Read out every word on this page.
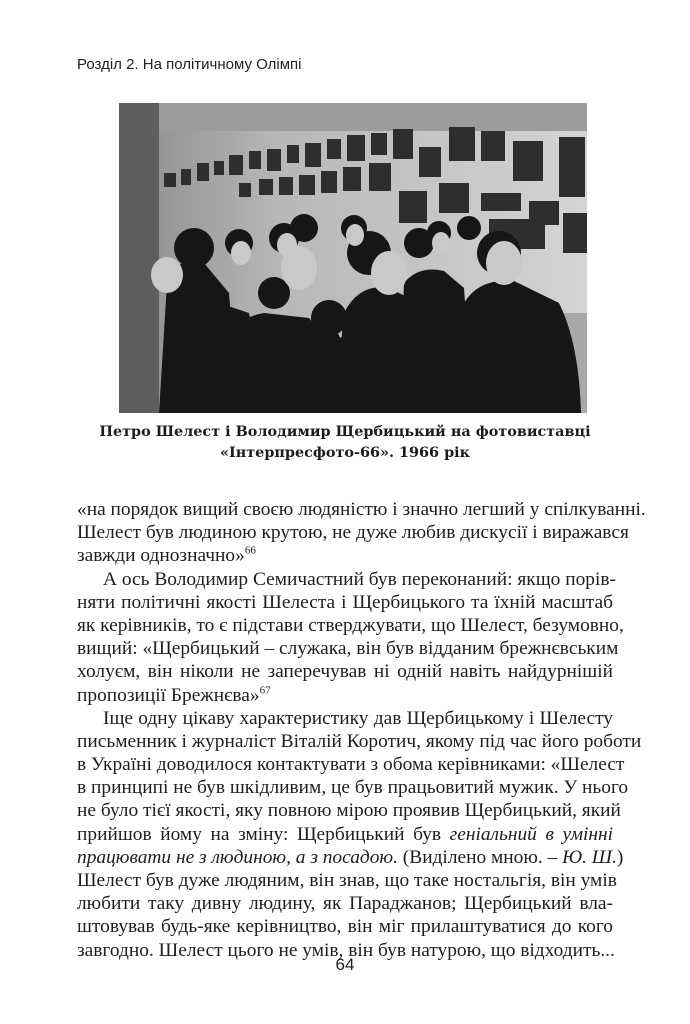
Розділ 2. На політичному Олімпі
Петро Шелест і Володимир Щербицький на фотовиставці
«Інтерпресфото-66». 1966 рік
«на порядок вищий своєю людяністю і значно легший у спілкуванні.
Шелест був людиною крутою, не дуже любив дискусії і виражався
завжди однозначно»$^{66}$
А ось Володимир Семичастний був переконаний: якщо порів-
няти політичні якості Шелеста і Щербицького та їхній масштаб
як керівників, то є підстави стверджувати, що Шелест, безумовно,
вищий: «Щербицький – служака, він був відданим брежнєвським
холуєм, він ніколи не заперечував ні одній навіть найдурнішій
пропозиції Брежнєва»$^{67}$
Іще одну цікаву характеристику дав Щербицькому і Шелесту
письменник і журналіст Віталій Коротич, якому під час його роботи
в Україні доводилося контактувати з обома керівниками: «Шелест
в принципі не був шкідливим, це був працьовитий мужик. У нього
не було тієї якості, яку повною мірою проявив Щербицький, який
прийшов йому на зміну: Щербицький був геніальний в умінні
працювати не з людиною, а з посадою. (Виділено мною. – Ю. Ш.)
Шелест був дуже людяним, він знав, що таке ностальгія, він умів
любити таку дивну людину, як Параджанов; Щербицький вла-
штовував будь-яке керівництво, він міг прилаштуватися до кого
завгодно. Шелест цього не умів, він був натурою, що відходить...
64
